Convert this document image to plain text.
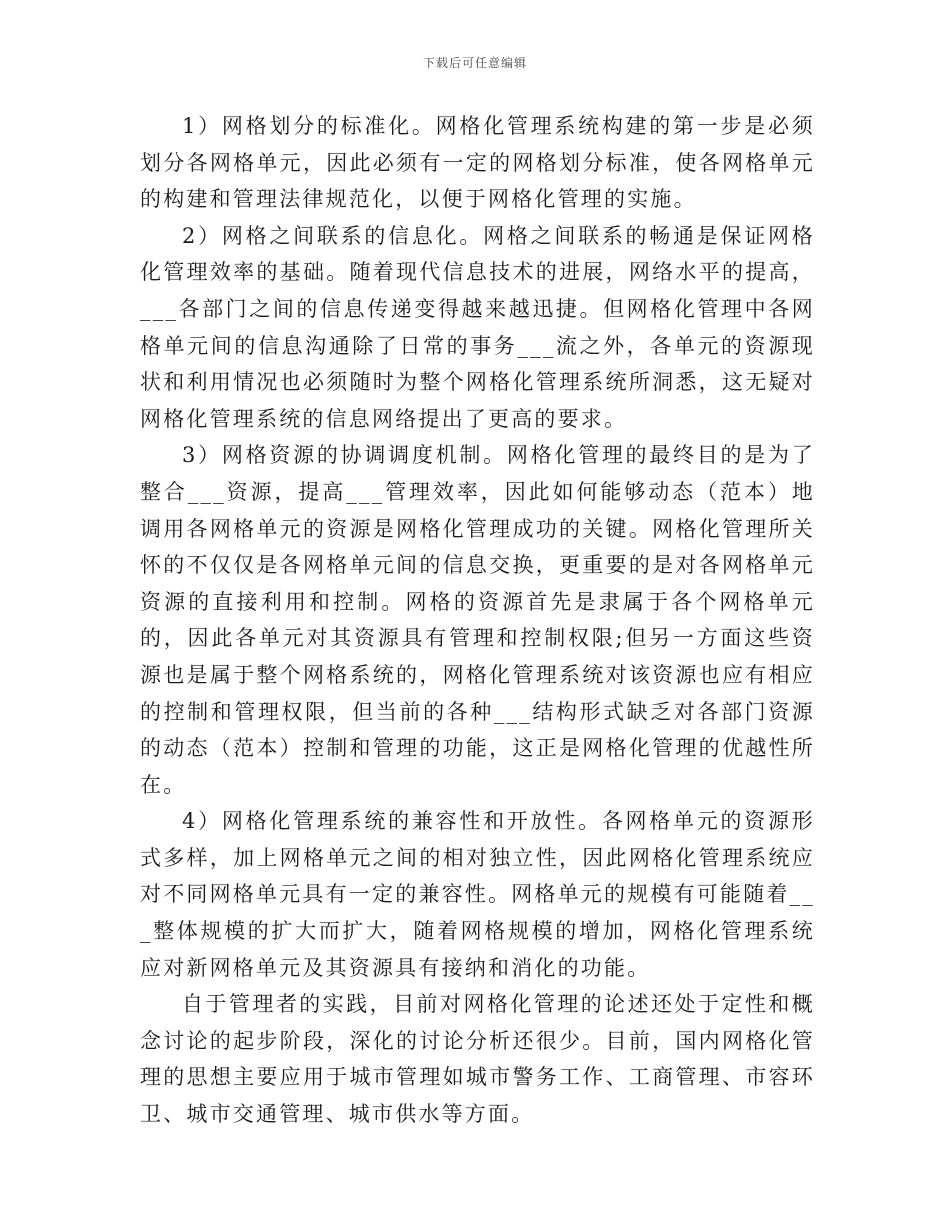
下载后可任意编辑

1）网格划分的标准化。网格化管理系统构建的第一步是必须划分各网格单元，因此必须有一定的网格划分标准，使各网格单元的构建和管理法律规范化，以便于网格化管理的实施。

2）网格之间联系的信息化。网格之间联系的畅通是保证网格化管理效率的基础。随着现代信息技术的进展，网络水平的提高，___各部门之间的信息传递变得越来越迅捷。但网格化管理中各网格单元间的信息沟通除了日常的事务___流之外，各单元的资源现状和利用情况也必须随时为整个网格化管理系统所洞悉，这无疑对网格化管理系统的信息网络提出了更高的要求。

3）网格资源的协调调度机制。网格化管理的最终目的是为了整合___资源，提高___管理效率，因此如何能够动态（范本）地调用各网格单元的资源是网格化管理成功的关键。网格化管理所关怀的不仅仅是各网格单元间的信息交换，更重要的是对各网格单元资源的直接利用和控制。网格的资源首先是隶属于各个网格单元的，因此各单元对其资源具有管理和控制权限;但另一方面这些资源也是属于整个网格系统的，网格化管理系统对该资源也应有相应的控制和管理权限，但当前的各种___结构形式缺乏对各部门资源的动态（范本）控制和管理的功能，这正是网格化管理的优越性所在。

4）网格化管理系统的兼容性和开放性。各网格单元的资源形式多样，加上网格单元之间的相对独立性，因此网格化管理系统应对不同网格单元具有一定的兼容性。网格单元的规模有可能随着___整体规模的扩大而扩大，随着网格规模的增加，网格化管理系统应对新网格单元及其资源具有接纳和消化的功能。

自于管理者的实践，目前对网格化管理的论述还处于定性和概念讨论的起步阶段，深化的讨论分析还很少。目前，国内网格化管理的思想主要应用于城市管理如城市警务工作、工商管理、市容环卫、城市交通管理、城市供水等方面。
